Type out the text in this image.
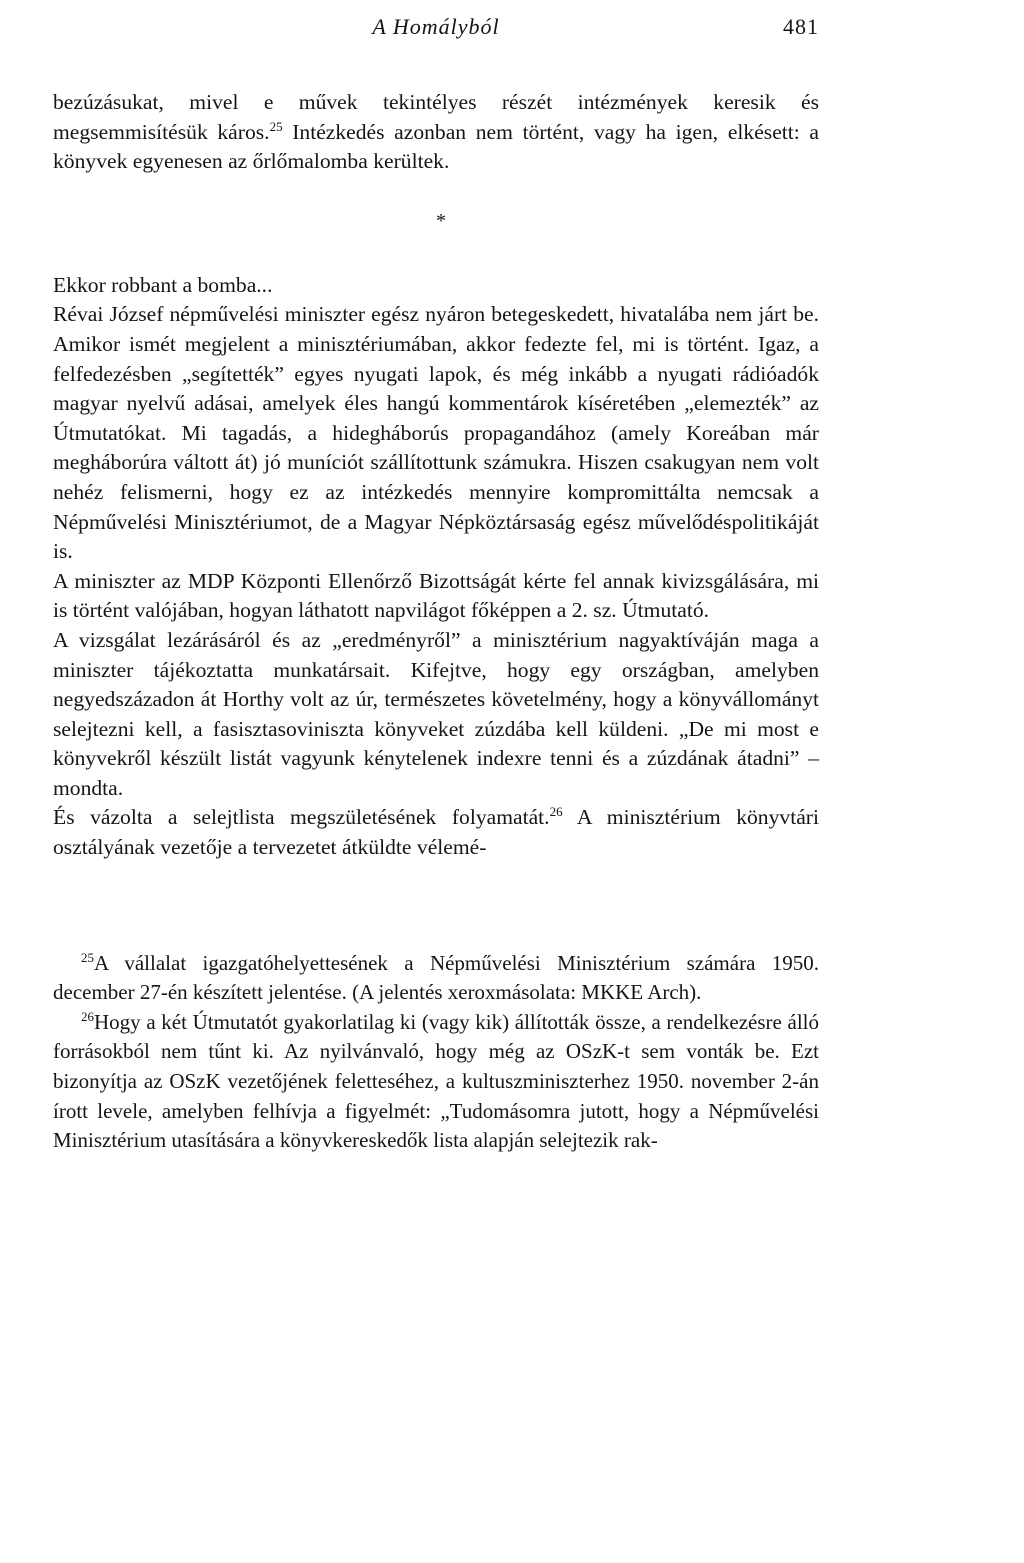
A Homályból	481

bezúzásukat, mivel e művek tekintélyes részét intézmények keresik és megsemmisítésük káros.$^{25}$ Intézkedés azonban nem történt, vagy ha igen, elkésett: a könyvek egyenesen az őrlőmalomba kerültek.

*

Ekkor robbant a bomba...

Révai József népművelési miniszter egész nyáron betegeskedett, hivatalába nem járt be. Amikor ismét megjelent a minisztériumában, akkor fedezte fel, mi is történt. Igaz, a felfedezésben „segítették” egyes nyugati lapok, és még inkább a nyugati rádióadók magyar nyelvű adásai, amelyek éles hangú kommentárok kíséretében „elemezték” az Útmutatókat. Mi tagadás, a hidegháborús propagandához (amely Koreában már megháborúra váltott át) jó muníciót szállítottunk számukra. Hiszen csakugyan nem volt nehéz felismerni, hogy ez az intézkedés mennyire kompromittálta nemcsak a Népművelési Minisztériumot, de a Magyar Népköztársaság egész művelődéspolitikáját is.

A miniszter az MDP Központi Ellenőrző Bizottságát kérte fel annak kivizsgálására, mi is történt valójában, hogyan láthatott napvilágot főképpen a 2. sz. Útmutató.

A vizsgálat lezárásáról és az „eredményről” a minisztérium nagyaktíváján maga a miniszter tájékoztatta munkatársait. Kifejtve, hogy egy országban, amelyben negyedszázadon át Horthy volt az úr, természetes követelmény, hogy a könyvállományt selejtezni kell, a fasisztasoviniszta könyveket zúzdába kell küldeni. „De mi most e könyvekről készült listát vagyunk kénytelenek indexre tenni és a zúzdának átadni” – mondta.

És vázolta a selejtlista megszületésének folyamatát.$^{26}$ A minisztérium könyvtári osztályának vezetője a tervezetet átküldte vélemé-

$^{25}$A vállalat igazgatóhelyettesének a Népművelési Minisztérium számára 1950. december 27-én készített jelentése. (A jelentés xeroxmásolata: MKKE Arch).

$^{26}$Hogy a két Útmutatót gyakorlatilag ki (vagy kik) állították össze, a rendelkezésre álló forrásokból nem tűnt ki. Az nyilvánvaló, hogy még az OSzK-t sem vonták be. Ezt bizonyítja az OSzK vezetőjének feletteséhez, a kultuszminiszterhez 1950. november 2-án írott levele, amelyben felhívja a figyelmét: „Tudomásomra jutott, hogy a Népművelési Minisztérium utasítására a könyvkereskedők lista alapján selejtezik rak-
